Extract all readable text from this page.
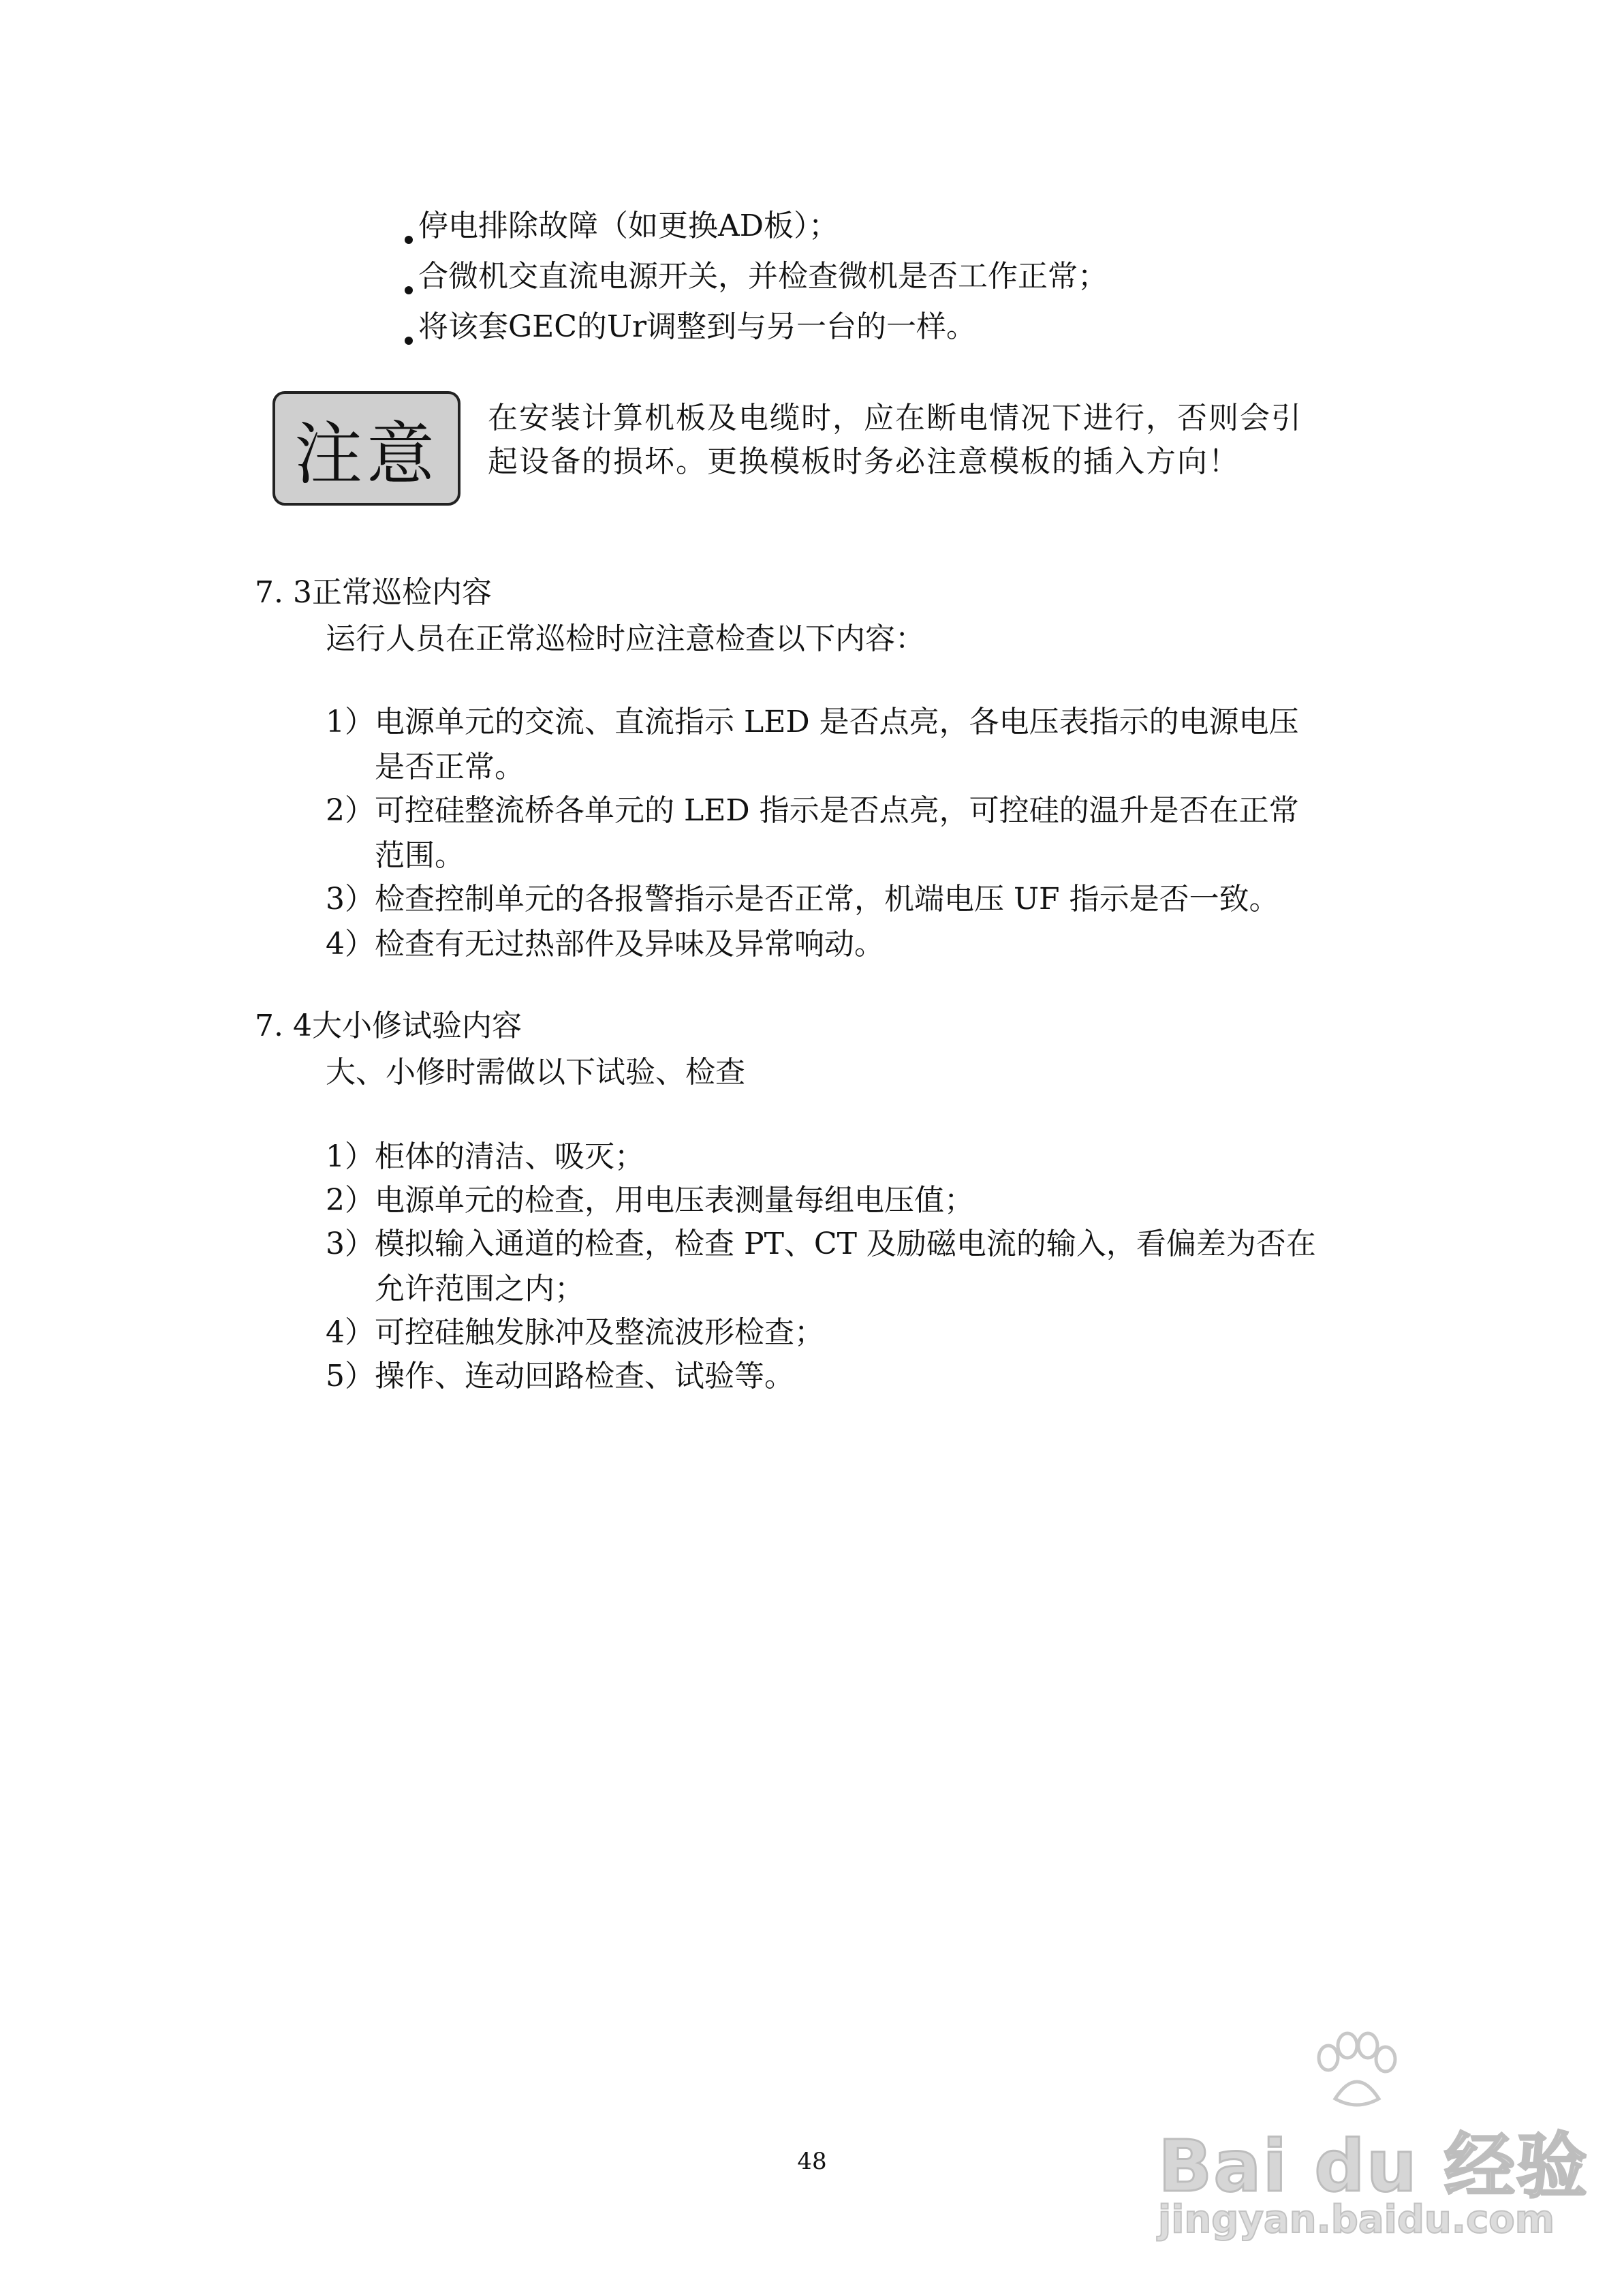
停电排除故障（如更换AD板）；
合微机交直流电源开关，并检查微机是否工作正常；
将该套GEC的Ur调整到与另一台的一样。
注意 在安装计算机板及电缆时，应在断电情况下进行，否则会引
起设备的损坏。更换模板时务必注意模板的插入方向！
7. 3正常巡检内容
运行人员在正常巡检时应注意检查以下内容：
1）电源单元的交流、直流指示 LED 是否点亮，各电压表指示的电源电压
是否正常。
2）可控硅整流桥各单元的 LED 指示是否点亮，可控硅的温升是否在正常
范围。
3）检查控制单元的各报警指示是否正常，机端电压 UF 指示是否一致。
4）检查有无过热部件及异味及异常响动。
7. 4大小修试验内容
大、小修时需做以下试验、检查
1）柜体的清洁、吸灭；
2）电源单元的检查，用电压表测量每组电压值；
3）模拟输入通道的检查，检查 PT、CT 及励磁电流的输入，看偏差为否在
允许范围之内；
4）可控硅触发脉冲及整流波形检查；
5）操作、连动回路检查、试验等。
48	Bai du 经验
jingyan.baidu.com
